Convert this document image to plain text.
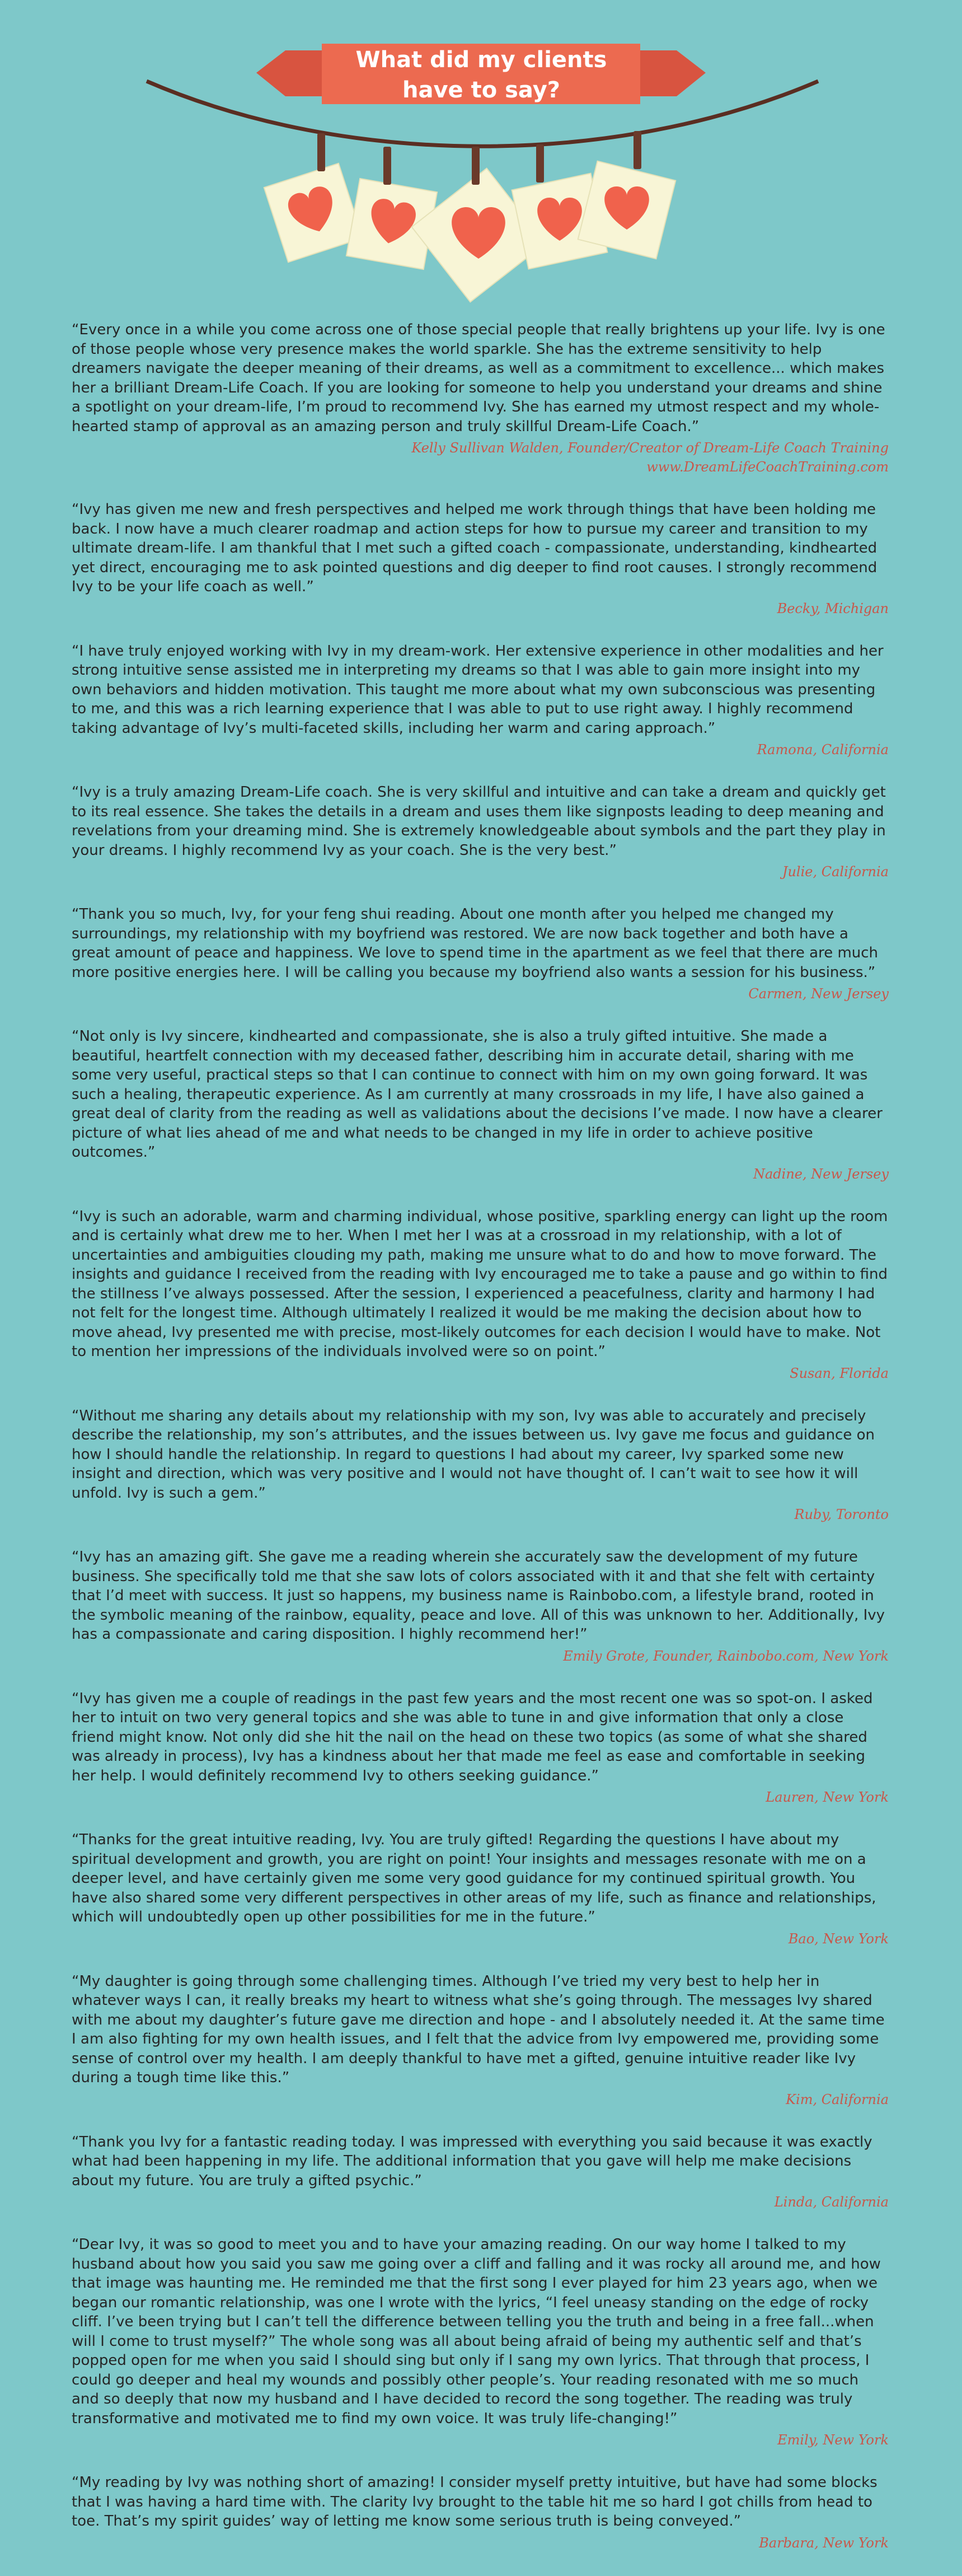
What did my clients
have to say?

“Every once in a while you come across one of those special people that really brightens up your life. Ivy is one of those people whose very presence makes the world sparkle. She has the extreme sensitivity to help dreamers navigate the deeper meaning of their dreams, as well as a commitment to excellence... which makes her a brilliant Dream-Life Coach. If you are looking for someone to help you understand your dreams and shine a spotlight on your dream-life, I’m proud to recommend Ivy. She has earned my utmost respect and my whole-hearted stamp of approval as an amazing person and truly skillful Dream-Life Coach.”

Kelly Sullivan Walden, Founder/Creator of Dream-Life Coach Training
www.DreamLifeCoachTraining.com

“Ivy has given me new and fresh perspectives and helped me work through things that have been holding me back. I now have a much clearer roadmap and action steps for how to pursue my career and transition to my ultimate dream-life. I am thankful that I met such a gifted coach - compassionate, understanding, kindhearted yet direct, encouraging me to ask pointed questions and dig deeper to find root causes. I strongly recommend Ivy to be your life coach as well.”

Becky, Michigan

“I have truly enjoyed working with Ivy in my dream-work. Her extensive experience in other modalities and her strong intuitive sense assisted me in interpreting my dreams so that I was able to gain more insight into my own behaviors and hidden motivation. This taught me more about what my own subconscious was presenting to me, and this was a rich learning experience that I was able to put to use right away. I highly recommend taking advantage of Ivy’s multi-faceted skills, including her warm and caring approach.”

Ramona, California

“Ivy is a truly amazing Dream-Life coach. She is very skillful and intuitive and can take a dream and quickly get to its real essence. She takes the details in a dream and uses them like signposts leading to deep meaning and revelations from your dreaming mind. She is extremely knowledgeable about symbols and the part they play in your dreams. I highly recommend Ivy as your coach. She is the very best.”

Julie, California

“Thank you so much, Ivy, for your feng shui reading. About one month after you helped me changed my surroundings, my relationship with my boyfriend was restored. We are now back together and both have a great amount of peace and happiness. We love to spend time in the apartment as we feel that there are much more positive energies here. I will be calling you because my boyfriend also wants a session for his business.”

Carmen, New Jersey

“Not only is Ivy sincere, kindhearted and compassionate, she is also a truly gifted intuitive. She made a beautiful, heartfelt connection with my deceased father, describing him in accurate detail, sharing with me some very useful, practical steps so that I can continue to connect with him on my own going forward. It was such a healing, therapeutic experience. As I am currently at many crossroads in my life, I have also gained a great deal of clarity from the reading as well as validations about the decisions I’ve made. I now have a clearer picture of what lies ahead of me and what needs to be changed in my life in order to achieve positive outcomes.”

Nadine, New Jersey

“Ivy is such an adorable, warm and charming individual, whose positive, sparkling energy can light up the room and is certainly what drew me to her. When I met her I was at a crossroad in my relationship, with a lot of uncertainties and ambiguities clouding my path, making me unsure what to do and how to move forward. The insights and guidance I received from the reading with Ivy encouraged me to take a pause and go within to find the stillness I’ve always possessed. After the session, I experienced a peacefulness, clarity and harmony I had not felt for the longest time. Although ultimately I realized it would be me making the decision about how to move ahead, Ivy presented me with precise, most-likely outcomes for each decision I would have to make. Not to mention her impressions of the individuals involved were so on point.”

Susan, Florida

“Without me sharing any details about my relationship with my son, Ivy was able to accurately and precisely describe the relationship, my son’s attributes, and the issues between us. Ivy gave me focus and guidance on how I should handle the relationship. In regard to questions I had about my career, Ivy sparked some new insight and direction, which was very positive and I would not have thought of. I can’t wait to see how it will unfold. Ivy is such a gem.”

Ruby, Toronto

“Ivy has an amazing gift. She gave me a reading wherein she accurately saw the development of my future business. She specifically told me that she saw lots of colors associated with it and that she felt with certainty that I’d meet with success. It just so happens, my business name is Rainbobo.com, a lifestyle brand, rooted in the symbolic meaning of the rainbow, equality, peace and love. All of this was unknown to her. Additionally, Ivy has a compassionate and caring disposition. I highly recommend her!”

Emily Grote, Founder, Rainbobo.com, New York

“Ivy has given me a couple of readings in the past few years and the most recent one was so spot-on. I asked her to intuit on two very general topics and she was able to tune in and give information that only a close friend might know. Not only did she hit the nail on the head on these two topics (as some of what she shared was already in process), Ivy has a kindness about her that made me feel as ease and comfortable in seeking her help. I would definitely recommend Ivy to others seeking guidance.”

Lauren, New York

“Thanks for the great intuitive reading, Ivy. You are truly gifted! Regarding the questions I have about my spiritual development and growth, you are right on point! Your insights and messages resonate with me on a deeper level, and have certainly given me some very good guidance for my continued spiritual growth. You have also shared some very different perspectives in other areas of my life, such as finance and relationships, which will undoubtedly open up other possibilities for me in the future.”

Bao, New York

“My daughter is going through some challenging times. Although I’ve tried my very best to help her in whatever ways I can, it really breaks my heart to witness what she’s going through. The messages Ivy shared with me about my daughter’s future gave me direction and hope - and I absolutely needed it. At the same time I am also fighting for my own health issues, and I felt that the advice from Ivy empowered me, providing some sense of control over my health. I am deeply thankful to have met a gifted, genuine intuitive reader like Ivy during a tough time like this.”

Kim, California

“Thank you Ivy for a fantastic reading today. I was impressed with everything you said because it was exactly what had been happening in my life. The additional information that you gave will help me make decisions about my future. You are truly a gifted psychic.”

Linda, California

“Dear Ivy, it was so good to meet you and to have your amazing reading. On our way home I talked to my husband about how you said you saw me going over a cliff and falling and it was rocky all around me, and how that image was haunting me. He reminded me that the first song I ever played for him 23 years ago, when we began our romantic relationship, was one I wrote with the lyrics, “I feel uneasy standing on the edge of rocky cliff. I’ve been trying but I can’t tell the difference between telling you the truth and being in a free fall...when will I come to trust myself?” The whole song was all about being afraid of being my authentic self and that’s popped open for me when you said I should sing but only if I sang my own lyrics. That through that process, I could go deeper and heal my wounds and possibly other people’s. Your reading resonated with me so much and so deeply that now my husband and I have decided to record the song together. The reading was truly transformative and motivated me to find my own voice. It was truly life-changing!”

Emily, New York

“My reading by Ivy was nothing short of amazing! I consider myself pretty intuitive, but have had some blocks that I was having a hard time with. The clarity Ivy brought to the table hit me so hard I got chills from head to toe. That’s my spirit guides’ way of letting me know some serious truth is being conveyed.”

Barbara, New York
